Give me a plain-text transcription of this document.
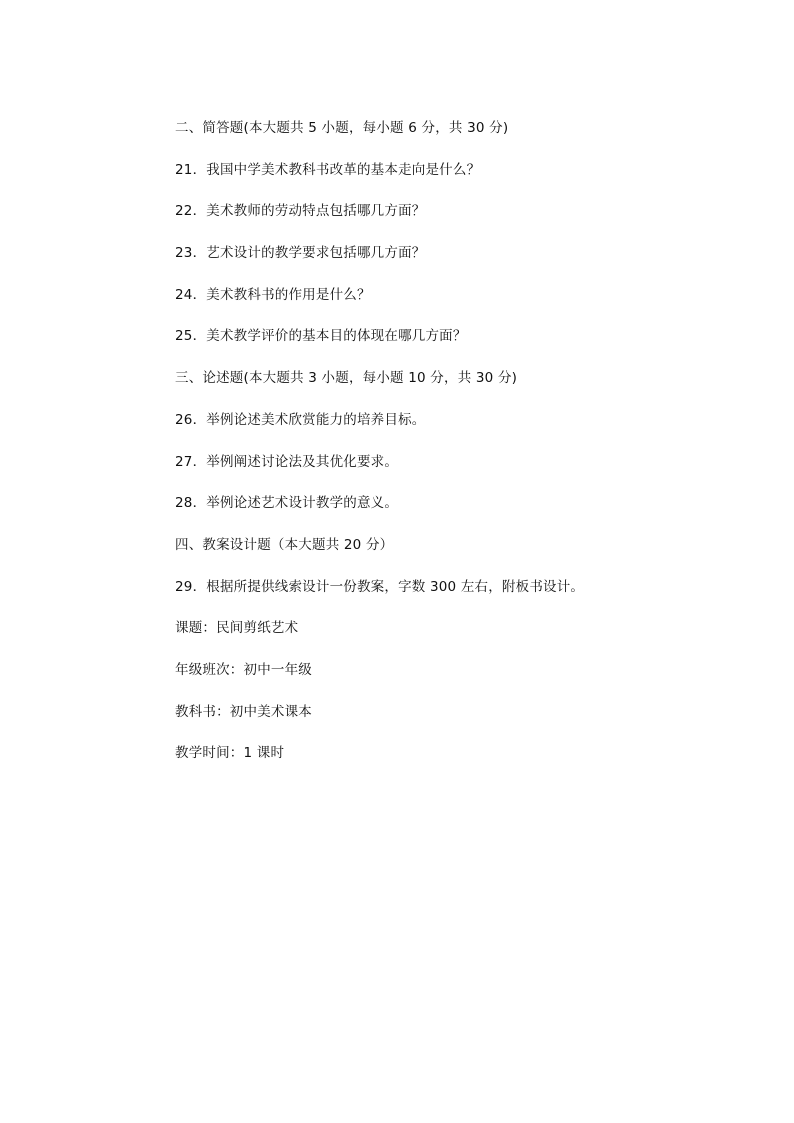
二、简答题(本大题共 5 小题，每小题 6 分，共 30 分)
21．我国中学美术教科书改革的基本走向是什么？
22．美术教师的劳动特点包括哪几方面？
23．艺术设计的教学要求包括哪几方面？
24．美术教科书的作用是什么？
25．美术教学评价的基本目的体现在哪几方面？
三、论述题(本大题共 3 小题，每小题 10 分，共 30 分)
26．举例论述美术欣赏能力的培养目标。
27．举例阐述讨论法及其优化要求。
28．举例论述艺术设计教学的意义。
四、教案设计题（本大题共 20 分）
29．根据所提供线索设计一份教案，字数 300 左右，附板书设计。
课题：民间剪纸艺术
年级班次：初中一年级
教科书：初中美术课本
教学时间：1 课时
